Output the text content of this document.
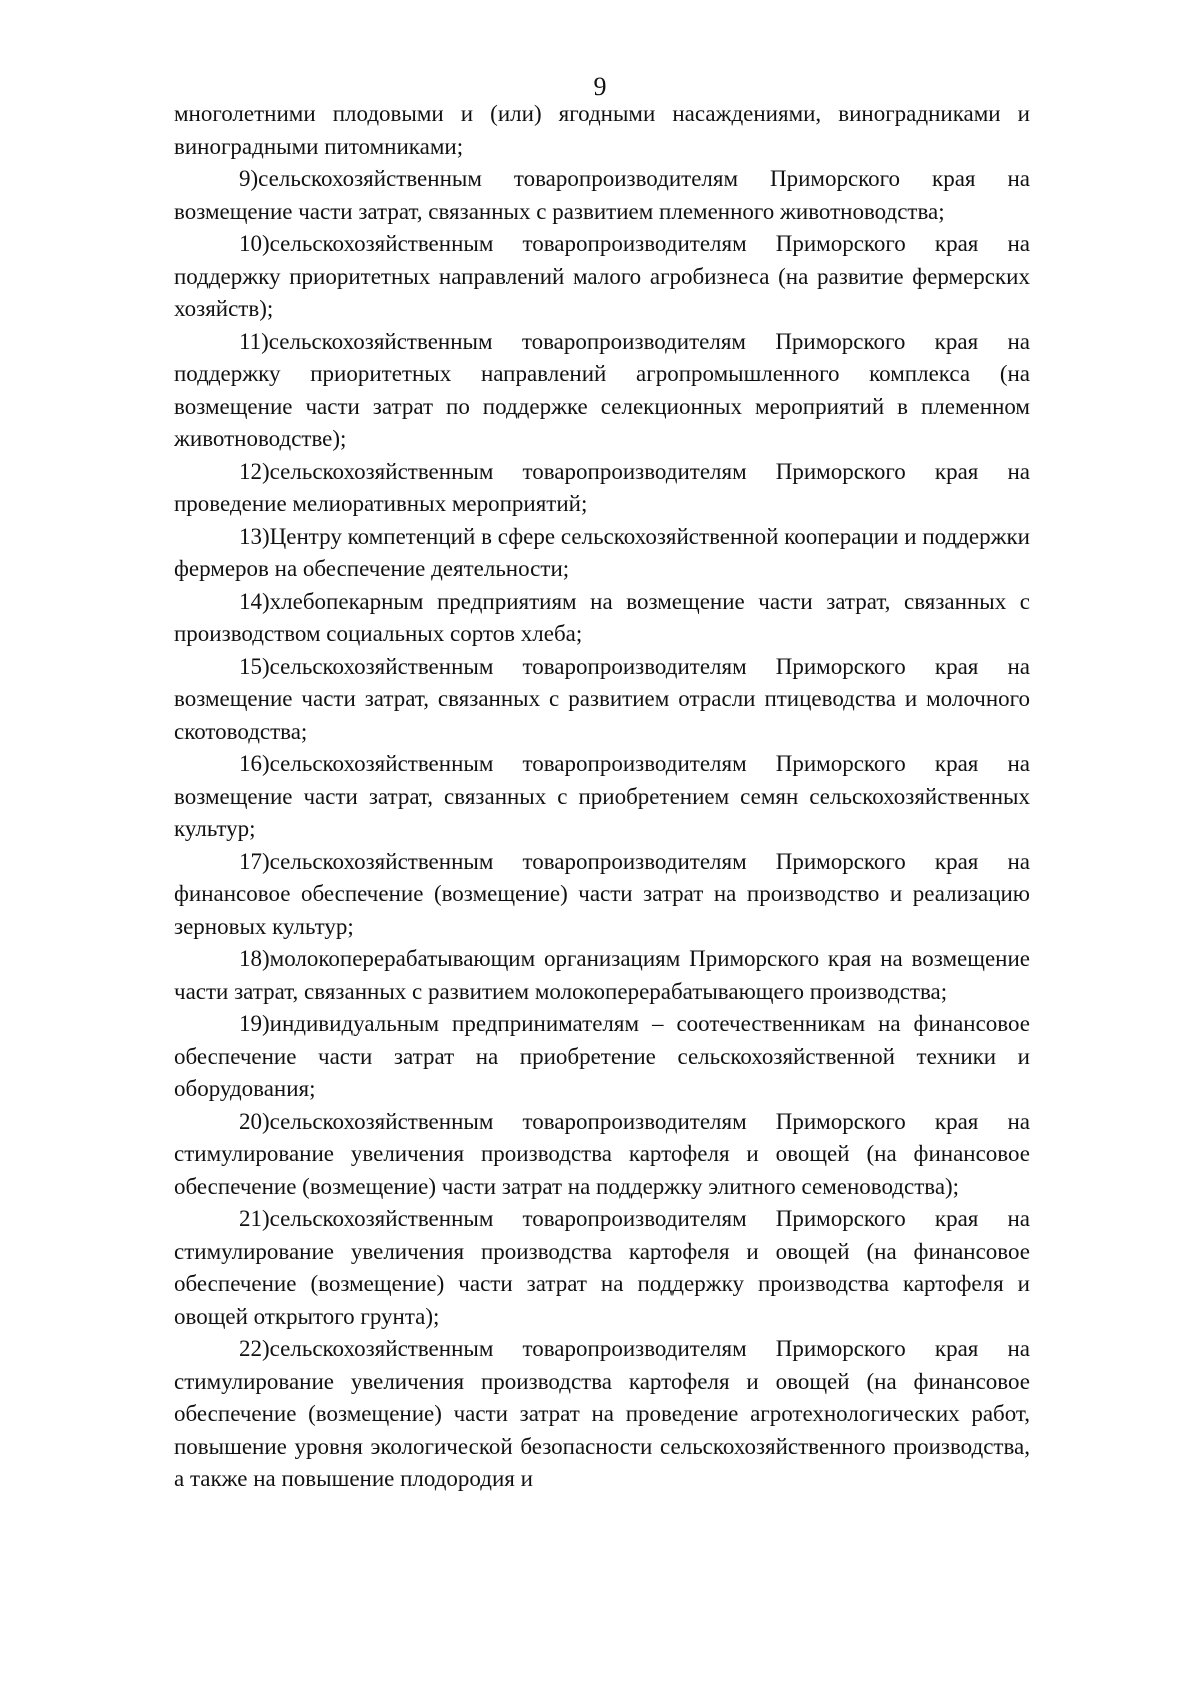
9

многолетними плодовыми и (или) ягодными насаждениями, виноградниками и виноградными питомниками;

9)сельскохозяйственным товаропроизводителям Приморского края на возмещение части затрат, связанных с развитием племенного животноводства;

10)сельскохозяйственным товаропроизводителям Приморского края на поддержку приоритетных направлений малого агробизнеса (на развитие фермерских хозяйств);

11)сельскохозяйственным товаропроизводителям Приморского края на поддержку приоритетных направлений агропромышленного комплекса (на возмещение части затрат по поддержке селекционных мероприятий в племенном животноводстве);

12)сельскохозяйственным товаропроизводителям Приморского края на проведение мелиоративных мероприятий;

13)Центру компетенций в сфере сельскохозяйственной кооперации и поддержки фермеров на обеспечение деятельности;

14)хлебопекарным предприятиям на возмещение части затрат, связанных с производством социальных сортов хлеба;

15)сельскохозяйственным товаропроизводителям Приморского края на возмещение части затрат, связанных с развитием отрасли птицеводства и молочного скотоводства;

16)сельскохозяйственным товаропроизводителям Приморского края на возмещение части затрат, связанных с приобретением семян сельскохозяйственных культур;

17)сельскохозяйственным товаропроизводителям Приморского края на финансовое обеспечение (возмещение) части затрат на производство и реализацию зерновых культур;

18)молокоперерабатывающим организациям Приморского края на возмещение части затрат, связанных с развитием молокоперерабатывающего производства;

19)индивидуальным предпринимателям – соотечественникам на финансовое обеспечение части затрат на приобретение сельскохозяйственной техники и оборудования;

20)сельскохозяйственным товаропроизводителям Приморского края на стимулирование увеличения производства картофеля и овощей (на финансовое обеспечение (возмещение) части затрат на поддержку элитного семеноводства);

21)сельскохозяйственным товаропроизводителям Приморского края на стимулирование увеличения производства картофеля и овощей (на финансовое обеспечение (возмещение) части затрат на поддержку производства картофеля и овощей открытого грунта);

22)сельскохозяйственным товаропроизводителям Приморского края на стимулирование увеличения производства картофеля и овощей (на финансовое обеспечение (возмещение) части затрат на проведение агротехнологических работ, повышение уровня экологической безопасности сельскохозяйственного производства, а также на повышение плодородия и
